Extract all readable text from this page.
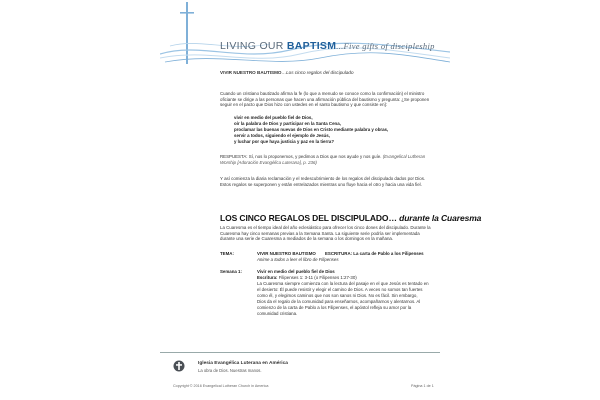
LIVING OUR BAPTISM...Five gifts of discipleship
VIVIR NUESTRO BAUTISMO…Los cinco regalos del discipulado
Cuando un cristiano bautizado afirma la fe (lo que a menudo se conoce como la confirmación) el ministro oficiante se dirige a las personas que hacen una afirmación pública del bautismo y pregunta: ¿Se proponen seguir en el pacto que Dios hizo con ustedes en el santo bautismo y que consiste en]:
vivir en medio del pueblo fiel de Dios,
oír la palabra de Dios y participar en la Santa Cena,
proclamar las buenas nuevas de Dios en Cristo mediante palabra y obras,
servir a todos, siguiendo el ejemplo de Jesús,
y luchar por que haya justicia y paz en la tierra?
RESPUESTA: Sí, nos lo proponemos, y pedimos a Dios que nos ayude y nos guíe. (Evangelical Lutheran Worship [Adoración Evangélica Luterana], p. 236)
Y así comienza la diaria reclamación y el redescubrimiento de los regalos del discipulado dados por Dios. Estos regalos se superponen y están entrelazados mientras uno fluye hacia el otro y hacia una vida fiel.
LOS CINCO REGALOS DEL DISCIPULADO… durante la Cuaresma
La Cuaresma es el tiempo ideal del año eclesiástico para ofrecer los cinco dones del discipulado. Durante la Cuaresma hay cinco semanas previas a la Semana Santa. La siguiente serie podría ser implementada durante una serie de Cuaresma a mediados de la semana o los domingos en la mañana.
TEMA:	VIVIR NUESTRO BAUTISMO ESCRITURA: La carta de Pablo a los Filipenses
Anime a todos a leer el libro de Filipenses
Semana 1:	Vivir en medio del pueblo fiel de Dios
Escritura: Filipenses 1: 3-11 (o Filipenses 1:27-30)
La Cuaresma siempre comienza con la lectura del pasaje en el que Jesús es tentado en
el desierto: Él puede resistir y elegir el camino de Dios. A veces no somos tan fuertes
como él, y elegimos caminos que nos son sanos ni Dios. No es fácil. Sin embargo,
Dios da el regalo de la comunidad para enseñarnos, acompañarnos y alentarnos. Al
comienzo de la carta de Pablo a los Filipenses, el apóstol refleja su amor por la
comunidad cristiana.
Iglesia Evangélica Luterana en América
La obra de Dios. Nuestras manos.
Copyright © 2016 Evangelical Lutheran Church in America	Página 1 de 1
